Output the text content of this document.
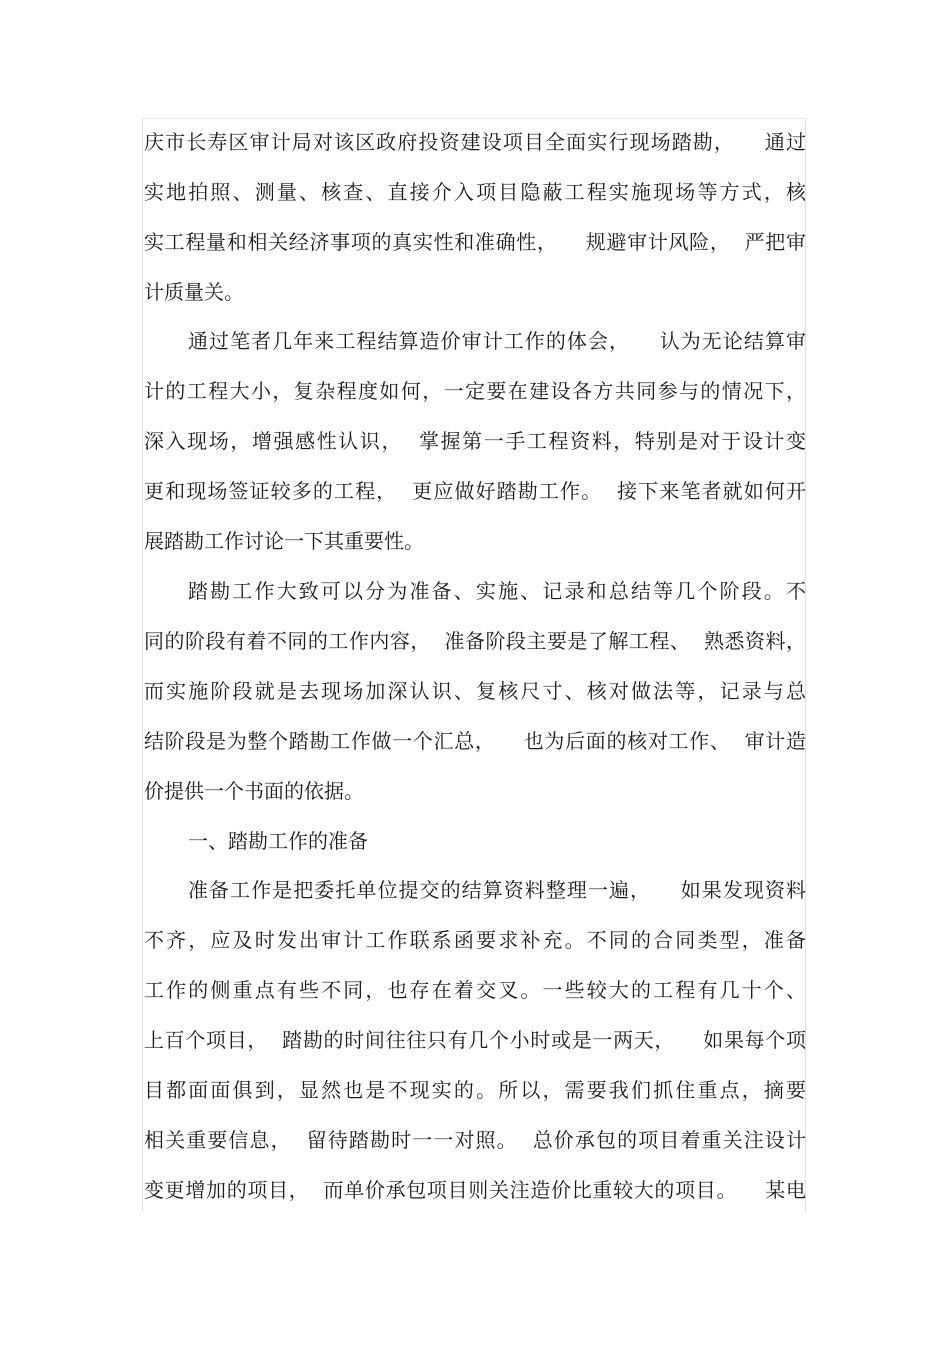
庆市长寿区审计局对该区政府投资建设项目全面实行现场踏勘，    通过
实地拍照、测量、核查、直接介入项目隐蔽工程实施现场等方式，核
实工程量和相关经济事项的真实性和准确性，    规避审计风险，  严把审
计质量关。
通过笔者几年来工程结算造价审计工作的体会，    认为无论结算审
计的工程大小，复杂程度如何，一定要在建设各方共同参与的情况下，
深入现场，增强感性认识，  掌握第一手工程资料，特别是对于设计变
更和现场签证较多的工程，  更应做好踏勘工作。  接下来笔者就如何开
展踏勘工作讨论一下其重要性。
踏勘工作大致可以分为准备、实施、记录和总结等几个阶段。不
同的阶段有着不同的工作内容，  准备阶段主要是了解工程、  熟悉资料，
而实施阶段就是去现场加深认识、复核尺寸、核对做法等，记录与总
结阶段是为整个踏勘工作做一个汇总，    也为后面的核对工作、  审计造
价提供一个书面的依据。
一、踏勘工作的准备
准备工作是把委托单位提交的结算资料整理一遍，    如果发现资料
不齐，应及时发出审计工作联系函要求补充。不同的合同类型，准备
工作的侧重点有些不同，也存在着交叉。一些较大的工程有几十个、
上百个项目，  踏勘的时间往往只有几个小时或是一两天，    如果每个项
目都面面俱到，显然也是不现实的。所以，需要我们抓住重点，摘要
相关重要信息，  留待踏勘时一一对照。  总价承包的项目着重关注设计
变更增加的项目，  而单价承包项目则关注造价比重较大的项目。    某电
